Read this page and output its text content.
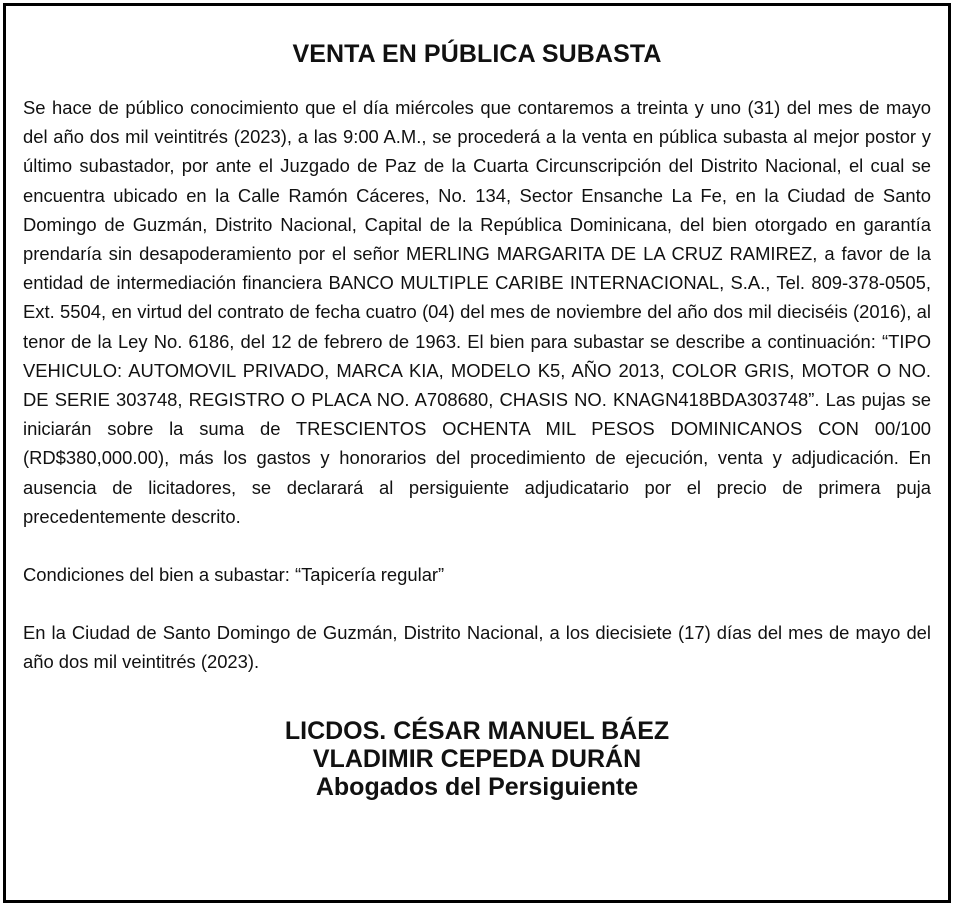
VENTA EN PÚBLICA SUBASTA

Se hace de público conocimiento que el día miércoles que contaremos a treinta y uno (31) del mes de mayo del año dos mil veintitrés (2023), a las 9:00 A.M., se procederá a la venta en pública subasta al mejor postor y último subastador, por ante el Juzgado de Paz de la Cuarta Circunscripción del Distrito Nacional, el cual se encuentra ubicado en la Calle Ramón Cáceres, No. 134, Sector Ensanche La Fe, en la Ciudad de Santo Domingo de Guzmán, Distrito Nacional, Capital de la República Dominicana, del bien otorgado en garantía prendaría sin desapoderamiento por el señor MERLING MARGARITA DE LA CRUZ RAMIREZ, a favor de la entidad de intermediación financiera BANCO MULTIPLE CARIBE INTERNACIONAL, S.A., Tel. 809-378-0505, Ext. 5504, en virtud del contrato de fecha cuatro (04) del mes de noviembre del año dos mil dieciséis (2016), al tenor de la Ley No. 6186, del 12 de febrero de 1963. El bien para subastar se describe a continuación: “TIPO VEHICULO: AUTOMOVIL PRIVADO, MARCA KIA, MODELO K5, AÑO 2013, COLOR GRIS, MOTOR O NO. DE SERIE 303748, REGISTRO O PLACA NO. A708680, CHASIS NO. KNAGN418BDA303748”. Las pujas se iniciarán sobre la suma de TRESCIENTOS OCHENTA MIL PESOS DOMINICANOS CON 00/100 (RD$380,000.00), más los gastos y honorarios del procedimiento de ejecución, venta y adjudicación. En ausencia de licitadores, se declarará al persiguiente adjudicatario por el precio de primera puja precedentemente descrito.

Condiciones del bien a subastar: “Tapicería regular”

En la Ciudad de Santo Domingo de Guzmán, Distrito Nacional, a los diecisiete (17) días del mes de mayo del año dos mil veintitrés (2023).

LICDOS. CÉSAR MANUEL BÁEZ
VLADIMIR CEPEDA DURÁN
Abogados del Persiguiente
